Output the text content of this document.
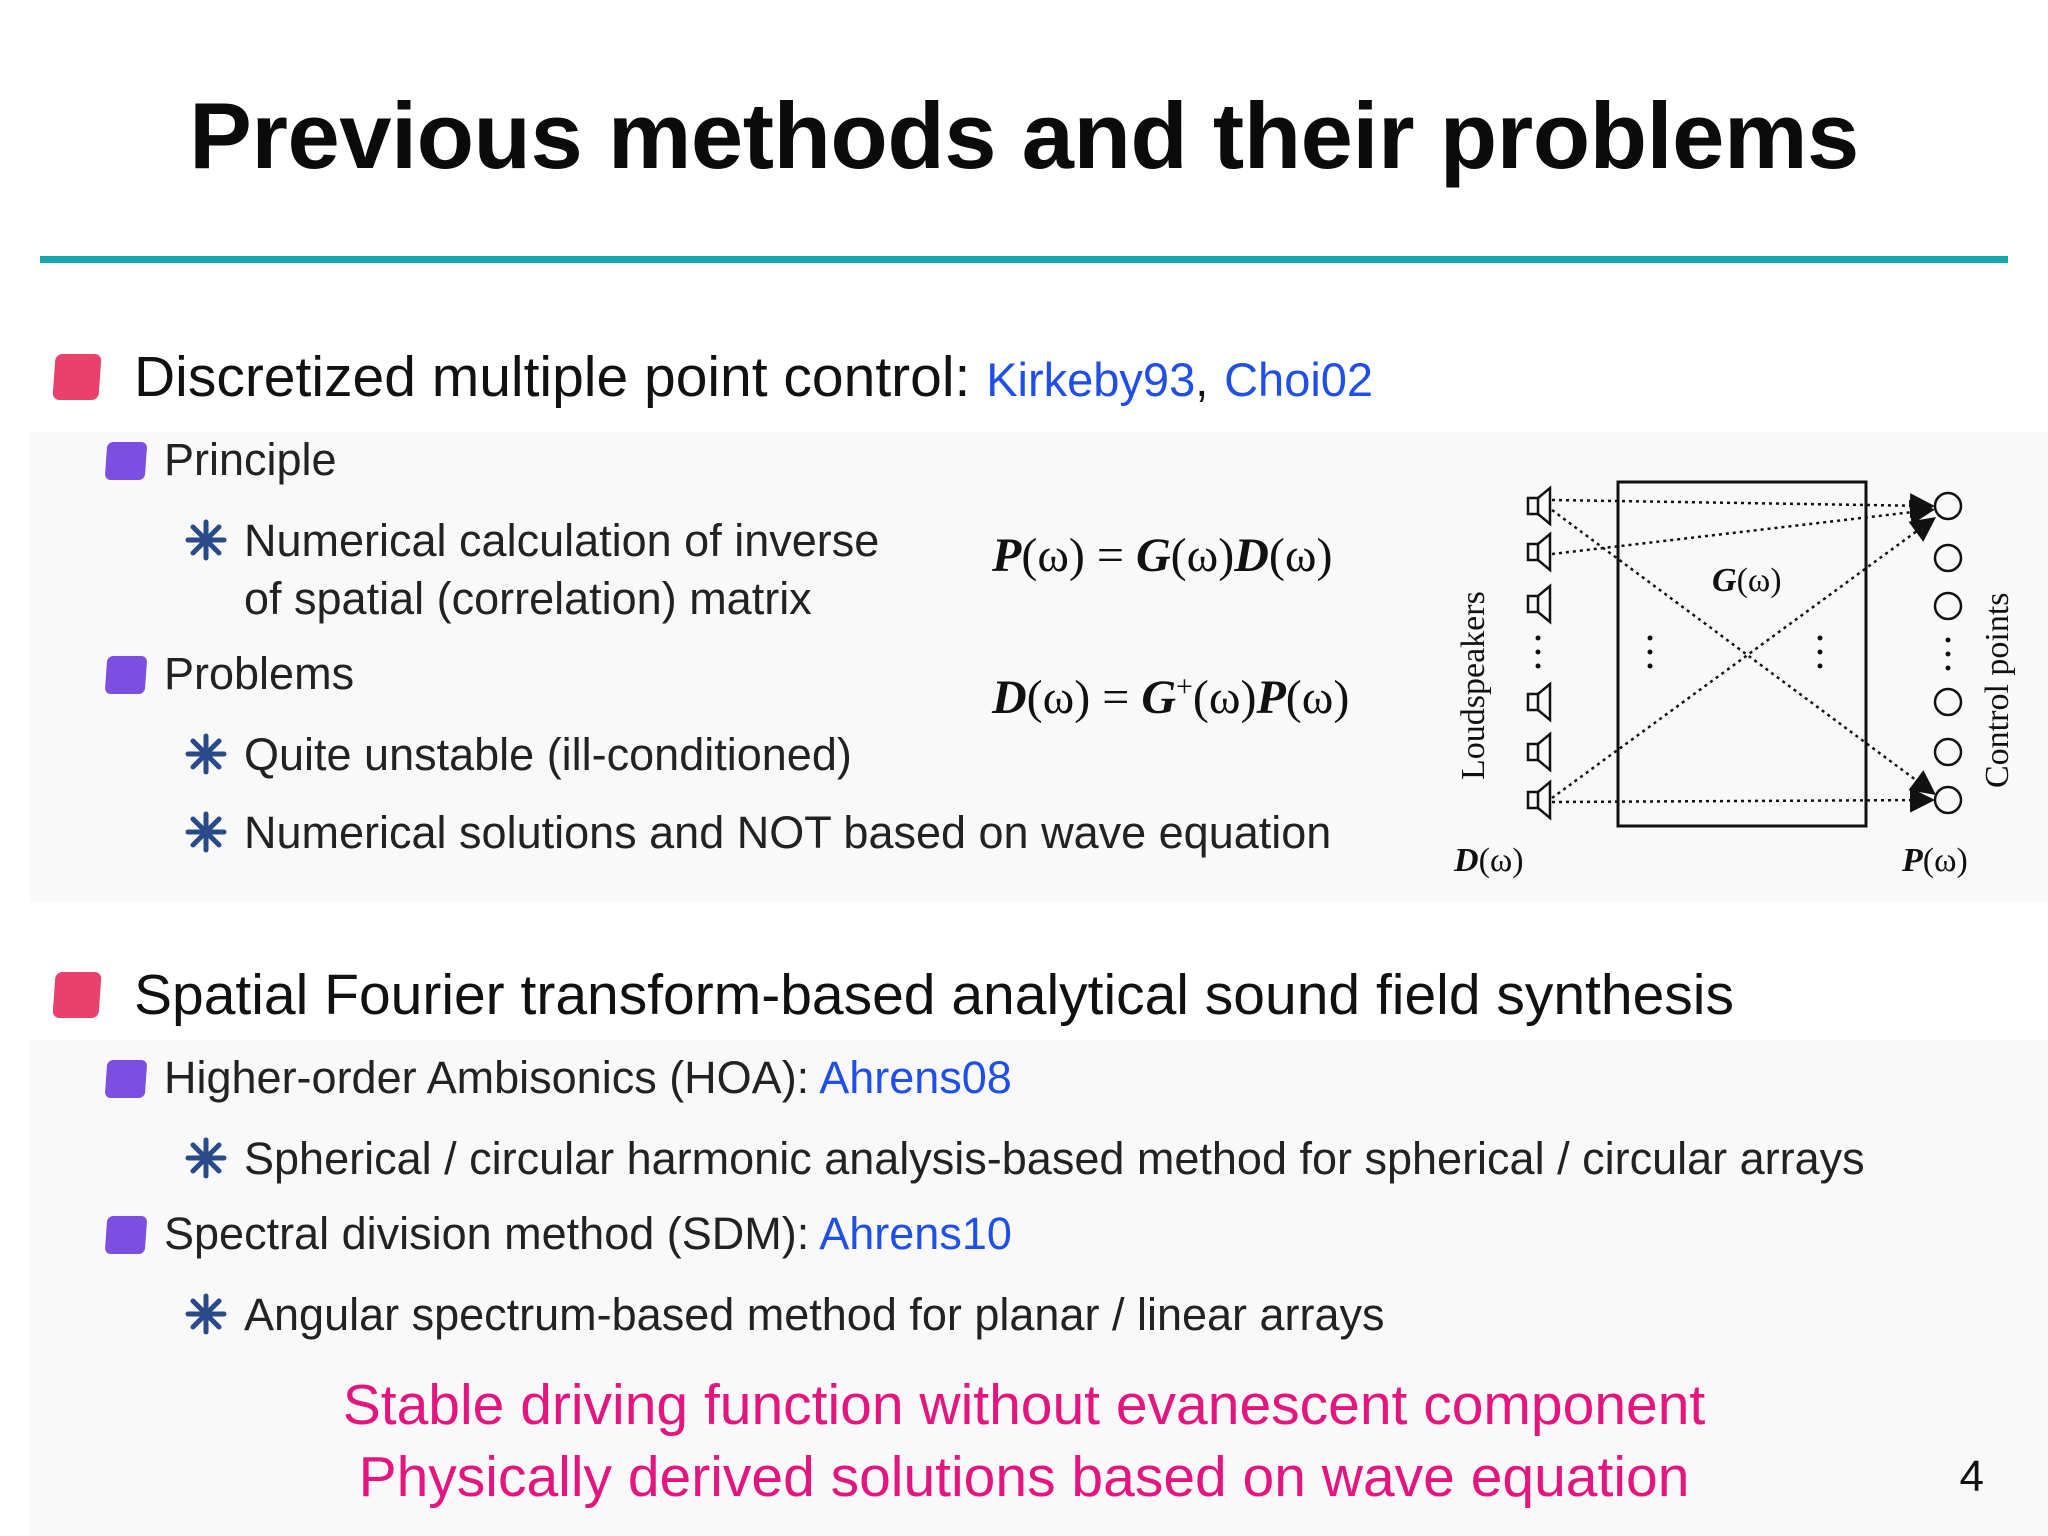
Previous methods and their problems
Discretized multiple point control: Kirkeby93, Choi02
Principle
Numerical calculation of inverse
of spatial (correlation) matrix
Problems
Quite unstable (ill-conditioned)
Numerical solutions and NOT based on wave equation
P(ω) = G(ω)D(ω)
D(ω) = G+(ω)P(ω)	Loudspeakers	Control points
G(ω)
D(ω)	P(ω)
Spatial Fourier transform-based analytical sound field synthesis
Higher-order Ambisonics (HOA): Ahrens08
Spherical / circular harmonic analysis-based method for spherical / circular arrays
Spectral division method (SDM): Ahrens10
Angular spectrum-based method for planar / linear arrays
Stable driving function without evanescent component
Physically derived solutions based on wave equation	4
